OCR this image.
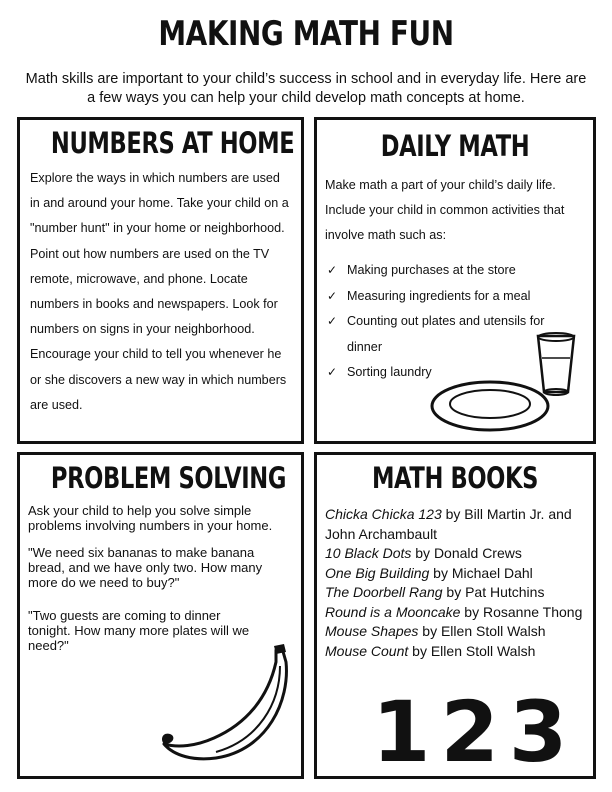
MAKING MATH FUN

Math skills are important to your child’s success in school and in everyday life. Here are a few ways you can help your child develop math concepts at home.

NUMBERS AT HOME

Explore the ways in which numbers are used in and around your home. Take your child on a "number hunt" in your home or neighborhood. Point out how numbers are used on the TV remote, microwave, and phone. Locate numbers in books and newspapers. Look for numbers on signs in your neighborhood. Encourage your child to tell you whenever he or she discovers a new way in which numbers are used.

DAILY MATH

Make math a part of your child’s daily life. Include your child in common activities that involve math such as:

✓ Making purchases at the store
✓ Measuring ingredients for a meal
✓ Counting out plates and utensils for dinner
✓ Sorting laundry
PROBLEM SOLVING

Ask your child to help you solve simple problems involving numbers in your home.

"We need six bananas to make banana bread, and we have only two. How many more do we need to buy?"

"Two guests are coming to dinner tonight. How many more plates will we need?"

MATH BOOKS
Chicka Chicka 123 by Bill Martin Jr. and John Archambault
10 Black Dots by Donald Crews
One Big Building by Michael Dahl
The Doorbell Rang by Pat Hutchins
Round is a Mooncake by Rosanne Thong
Mouse Shapes by Ellen Stoll Walsh
Mouse Count by Ellen Stoll Walsh
123
